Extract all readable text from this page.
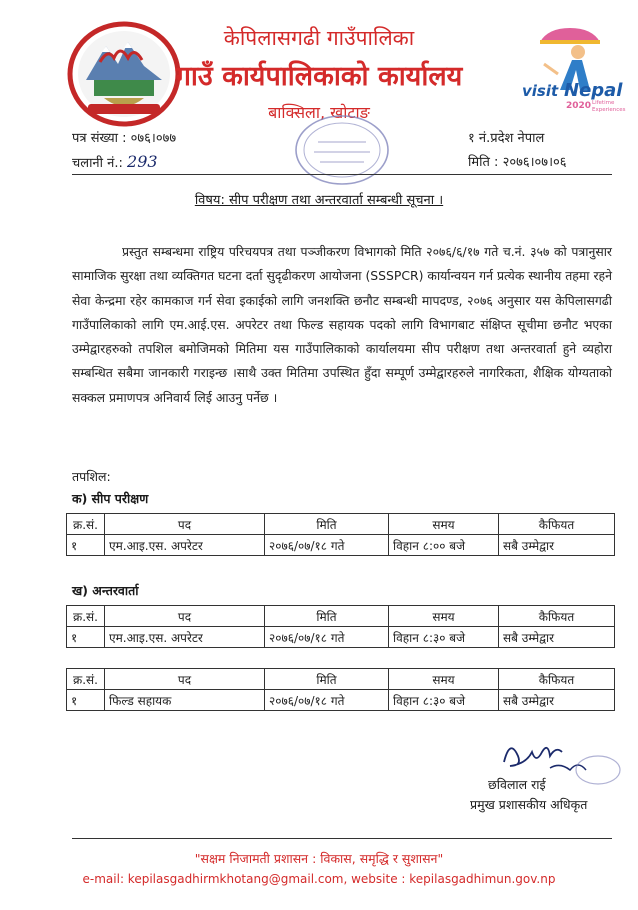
visit Nepal
2020 Lifetime
Experiences
केपिलासगढी गाउँपालिका
गाउँ कार्यपालिकाको कार्यालय
बाक्सिला, खोटाङ
पत्र संख्या : ०७६।०७७
चलानी नं.: 293
१ नं.प्रदेश नेपाल
मिति : २०७६।०७।०६
विषय: सीप परीक्षण तथा अन्तरवार्ता सम्बन्धी सूचना ।
प्रस्तुत सम्बन्धमा राष्ट्रिय परिचयपत्र तथा पञ्जीकरण विभागको मिति २०७६/६/१७ गते च.नं. ३५७ को पत्रानुसार सामाजिक सुरक्षा तथा व्यक्तिगत घटना दर्ता सुदृढीकरण आयोजना (SSSPCR) कार्यान्वयन गर्न प्रत्येक स्थानीय तहमा रहने सेवा केन्द्रमा रहेर कामकाज गर्न सेवा इकाईको लागि जनशक्ति छनौट सम्बन्धी मापदण्ड, २०७६ अनुसार यस केपिलासगढी गाउँपालिकाको लागि एम.आई.एस. अपरेटर तथा फिल्ड सहायक पदको लागि विभागबाट संक्षिप्त सूचीमा छनौट भएका उम्मेद्वारहरुको तपशिल बमोजिमको मितिमा यस गाउँपालिकाको कार्यालयमा सीप परीक्षण तथा अन्तरवार्ता हुने व्यहोरा सम्बन्धित सबैमा जानकारी गराइन्छ ।साथै उक्त मितिमा उपस्थित हुँदा सम्पूर्ण उम्मेद्वारहरुले नागरिकता, शैक्षिक योग्यताको सक्कल प्रमाणपत्र अनिवार्य लिई आउनु पर्नेछ ।
तपशिल:
क) सीप परीक्षण
क्र.सं.	पद	मिति	समय	कैफियत
१	एम.आइ.एस. अपरेटर	२०७६/०७/१८ गते	विहान ८:०० बजे	सबै उम्मेद्वार
ख) अन्तरवार्ता
क्र.सं.	पद	मिति	समय	कैफियत
१	एम.आइ.एस. अपरेटर	२०७६/०७/१८ गते	विहान ८:३० बजे	सबै उम्मेद्वार
क्र.सं.	पद	मिति	समय	कैफियत
१	फिल्ड सहायक	२०७६/०७/१८ गते	विहान ८:३० बजे	सबै उम्मेद्वार
छविलाल राई
प्रमुख प्रशासकीय अधिकृत
"सक्षम निजामती प्रशासन : विकास, समृद्धि र सुशासन"
e-mail: kepilasgadhirmkhotang@gmail.com, website : kepilasgadhimun.gov.np
